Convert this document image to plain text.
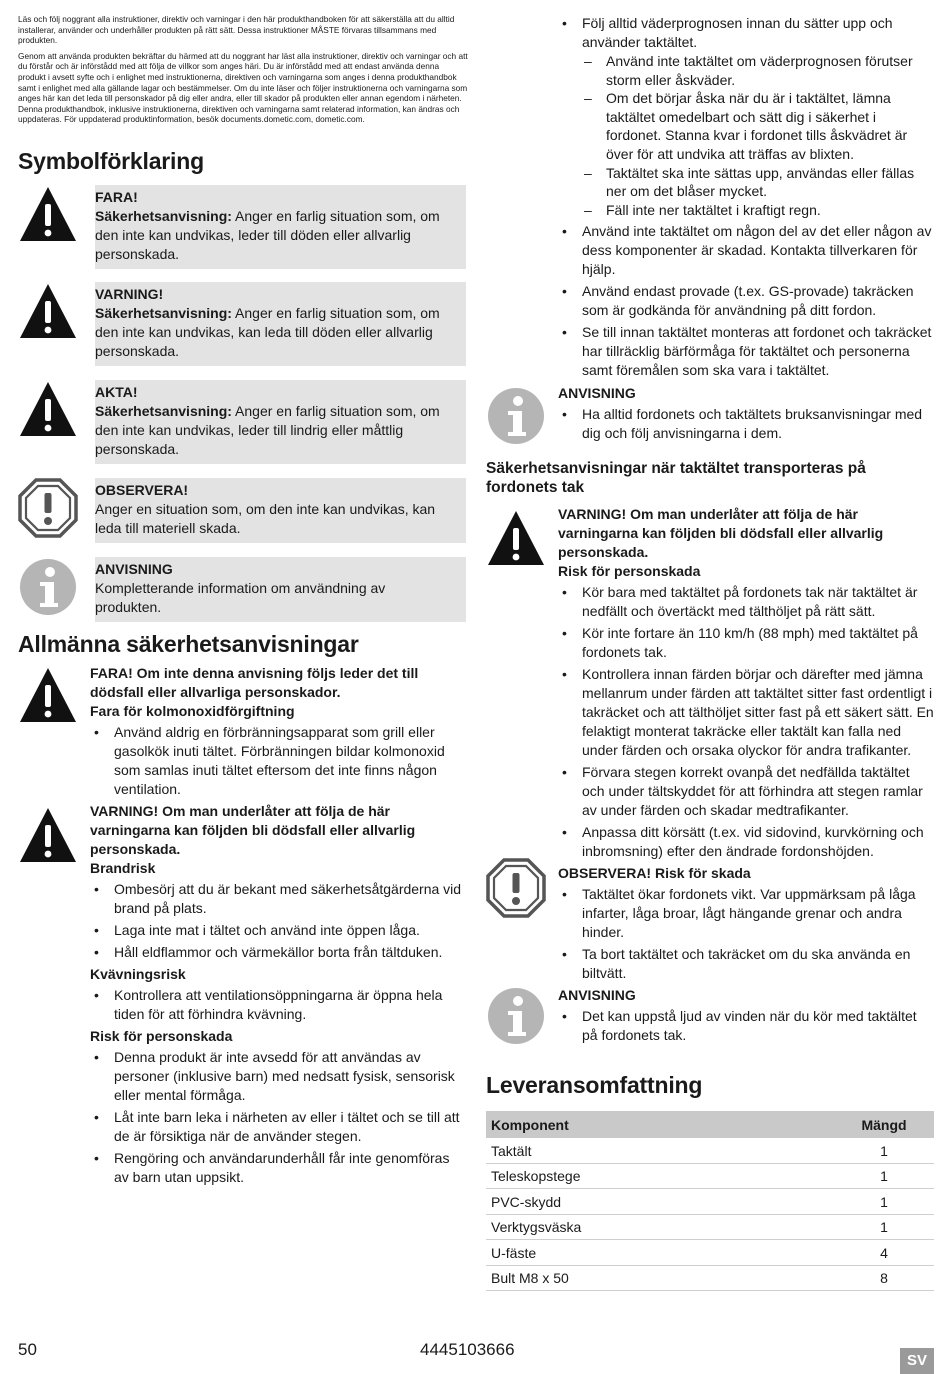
Läs och följ noggrant alla instruktioner, direktiv och varningar i den här produkthandboken för att säkerställa att du alltid installerar, använder och underhåller produkten på rätt sätt. Dessa instruktioner MÅSTE förvaras tillsammans med produkten.

Genom att använda produkten bekräftar du härmed att du noggrant har läst alla instruktioner, direktiv och varningar och att du förstår och är införstådd med att följa de villkor som anges häri. Du är införstådd med att endast använda denna produkt i avsett syfte och i enlighet med instruktionerna, direktiven och varningarna som anges i denna produkthandbok samt i enlighet med alla gällande lagar och bestämmelser. Om du inte läser och följer instruktionerna och varningarna som anges här kan det leda till personskador på dig eller andra, eller till skador på produkten eller annan egendom i närheten. Denna produkthandbok, inklusive instruktionerna, direktiven och varningarna samt relaterad information, kan ändras och uppdateras. För uppdaterad produktinformation, besök documents.dometic.com, dometic.com.

Symbolförklaring
FARA!
Säkerhetsanvisning: Anger en farlig situation som, om den inte kan undvikas, leder till döden eller allvarlig personskada.
VARNING!
Säkerhetsanvisning: Anger en farlig situation som, om den inte kan undvikas, kan leda till döden eller allvarlig personskada.
AKTA!
Säkerhetsanvisning: Anger en farlig situation som, om den inte kan undvikas, leder till lindrig eller måttlig personskada.
OBSERVERA!
Anger en situation som, om den inte kan undvikas, kan leda till materiell skada.
ANVISNING
Kompletterande information om användning av produkten.
Allmänna säkerhetsanvisningar
FARA! Om inte denna anvisning följs leder det till dödsfall eller allvarliga personskador.
Fara för kolmonoxidförgiftning
• Använd aldrig en förbränningsapparat som grill eller gasolkök inuti tältet. Förbränningen bildar kolmonoxid som samlas inuti tältet eftersom det inte finns någon ventilation.
VARNING! Om man underlåter att följa de här varningarna kan följden bli dödsfall eller allvarlig personskada.
Brandrisk
• Ombesörj att du är bekant med säkerhetsåtgärderna vid brand på plats.
• Laga inte mat i tältet och använd inte öppen låga.
• Håll eldflammor och värmekällor borta från tältduken.
Kvävningsrisk
• Kontrollera att ventilationsöppningarna är öppna hela tiden för att förhindra kvävning.
Risk för personskada
• Denna produkt är inte avsedd för att användas av personer (inklusive barn) med nedsatt fysisk, sensorisk eller mental förmåga.
• Låt inte barn leka i närheten av eller i tältet och se till att de är försiktiga när de använder stegen.
• Rengöring och användarunderhåll får inte genomföras av barn utan uppsikt.
• Följ alltid väderprognosen innan du sätter upp och använder taktältet.
– Använd inte taktältet om väderprognosen förutser storm eller åskväder.
– Om det börjar åska när du är i taktältet, lämna taktältet omedelbart och sätt dig i säkerhet i fordonet. Stanna kvar i fordonet tills åskvädret är över för att undvika att träffas av blixten.
– Taktältet ska inte sättas upp, användas eller fällas ner om det blåser mycket.
– Fäll inte ner taktältet i kraftigt regn.
• Använd inte taktältet om någon del av det eller någon av dess komponenter är skadad. Kontakta tillverkaren för hjälp.
• Använd endast provade (t.ex. GS-provade) takräcken som är godkända för användning på ditt fordon.
• Se till innan taktältet monteras att fordonet och takräcket har tillräcklig bärförmåga för taktältet och personerna samt föremålen som ska vara i taktältet.
ANVISNING
• Ha alltid fordonets och taktältets bruksanvisningar med dig och följ anvisningarna i dem.
Säkerhetsanvisningar när taktältet transporteras på fordonets tak
VARNING! Om man underlåter att följa de här varningarna kan följden bli dödsfall eller allvarlig personskada.
Risk för personskada
• Kör bara med taktältet på fordonets tak när taktältet är nedfällt och övertäckt med tälthöljet på rätt sätt.
• Kör inte fortare än 110 km/h (88 mph) med taktältet på fordonets tak.
• Kontrollera innan färden börjar och därefter med jämna mellanrum under färden att taktältet sitter fast ordentligt i takräcket och att tälthöljet sitter fast på ett säkert sätt. En felaktigt monterat takräcke eller taktält kan falla ned under färden och orsaka olyckor för andra trafikanter.
• Förvara stegen korrekt ovanpå det nedfällda taktältet och under tältskyddet för att förhindra att stegen ramlar av under färden och skadar medtrafikanter.
• Anpassa ditt körsätt (t.ex. vid sidovind, kurvkörning och inbromsning) efter den ändrade fordonshöjden.
OBSERVERA! Risk för skada
• Taktältet ökar fordonets vikt. Var uppmärksam på låga infarter, låga broar, lågt hängande grenar och andra hinder.
• Ta bort taktältet och takräcket om du ska använda en biltvätt.
ANVISNING
• Det kan uppstå ljud av vinden när du kör med taktältet på fordonets tak.
Leveransomfattning
Komponent	Mängd
Taktält	1
Teleskopstege	1
PVC-skydd	1
Verktygsväska	1
U-fäste	4
Bult M8 x 50	8
50	4445103666
SV
